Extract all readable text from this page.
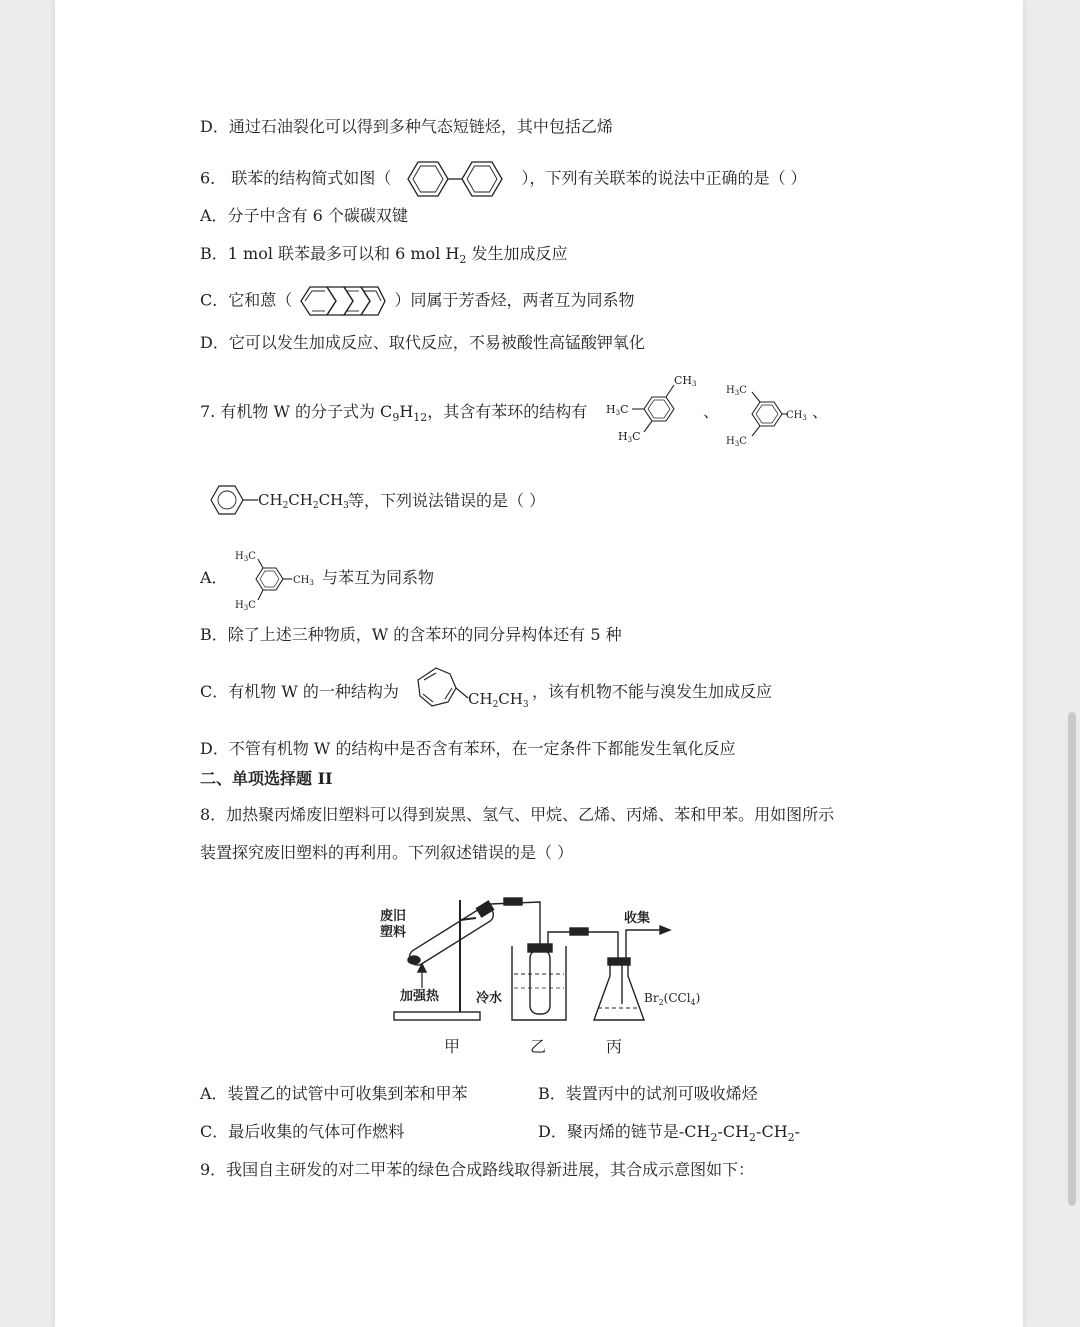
D．通过石油裂化可以得到多种气态短链烃，其中包括乙烯
6． 联苯的结构简式如图（	），下列有关联苯的说法中正确的是（ ）
A．分子中含有 6 个碳碳双键
B．1 mol 联苯最多可以和 6 mol $H_2$ 发生加成反应
C．它和蒽（	）同属于芳香烃，两者互为同系物
D．它可以发生加成反应、取代反应，不易被酸性高锰酸钾氧化
7. 有机物 W 的分子式为 $C_9H_{12}$，其含有苯环的结构有
CH3
H3C
H3C
、
$H_3C$
$CH_3$
$H_3C$
、
$CH_2CH_2CH_3$ 等，下列说法错误的是（ ）
A．
$H_3C$
$CH_3$
$H_3C$
与苯互为同系物
B．除了上述三种物质，W 的含苯环的同分异构体还有 5 种
C．有机物 W 的一种结构为	$CH_2CH_3$
，该有机物不能与溴发生加成反应
D．不管有机物 W 的结构中是否含有苯环，在一定条件下都能发生氧化反应
二、单项选择题 II
8．加热聚丙烯废旧塑料可以得到炭黑、氢气、甲烷、乙烯、丙烯、苯和甲苯。用如图所示
装置探究废旧塑料的再利用。下列叙述错误的是（ ）
废旧
塑料
加强热	冷水
收集
$Br_2(CCl_4)$
甲	乙	丙
A．装置乙的试管中可收集到苯和甲苯	B．装置丙中的试剂可吸收烯烃
C．最后收集的气体可作燃料	D．聚丙烯的链节是$-CH_2-CH_2-CH_2-$
9．我国自主研发的对二甲苯的绿色合成路线取得新进展，其合成示意图如下：
